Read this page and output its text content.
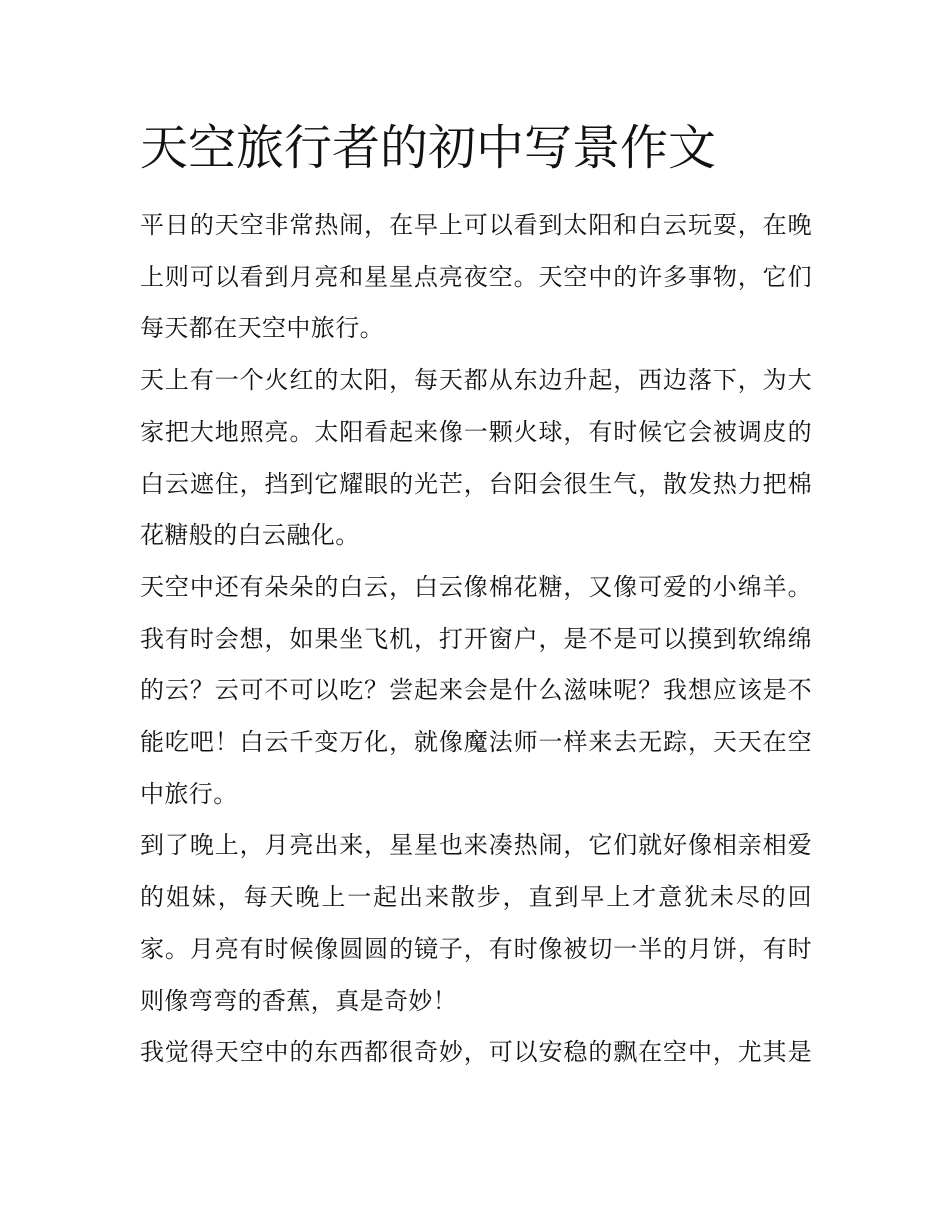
天空旅行者的初中写景作文
平日的天空非常热闹，在早上可以看到太阳和白云玩耍，在晚
上则可以看到月亮和星星点亮夜空。天空中的许多事物，它们
每天都在天空中旅行。
天上有一个火红的太阳，每天都从东边升起，西边落下，为大
家把大地照亮。太阳看起来像一颗火球，有时候它会被调皮的
白云遮住，挡到它耀眼的光芒，台阳会很生气，散发热力把棉
花糖般的白云融化。
天空中还有朵朵的白云，白云像棉花糖，又像可爱的小绵羊。
我有时会想，如果坐飞机，打开窗户，是不是可以摸到软绵绵
的云？云可不可以吃？尝起来会是什么滋味呢？我想应该是不
能吃吧！白云千变万化，就像魔法师一样来去无踪，天天在空
中旅行。
到了晚上，月亮出来，星星也来凑热闹，它们就好像相亲相爱
的姐妹，每天晚上一起出来散步，直到早上才意犹未尽的回
家。月亮有时候像圆圆的镜子，有时像被切一半的月饼，有时
则像弯弯的香蕉，真是奇妙！
我觉得天空中的东西都很奇妙，可以安稳的飘在空中，尤其是
